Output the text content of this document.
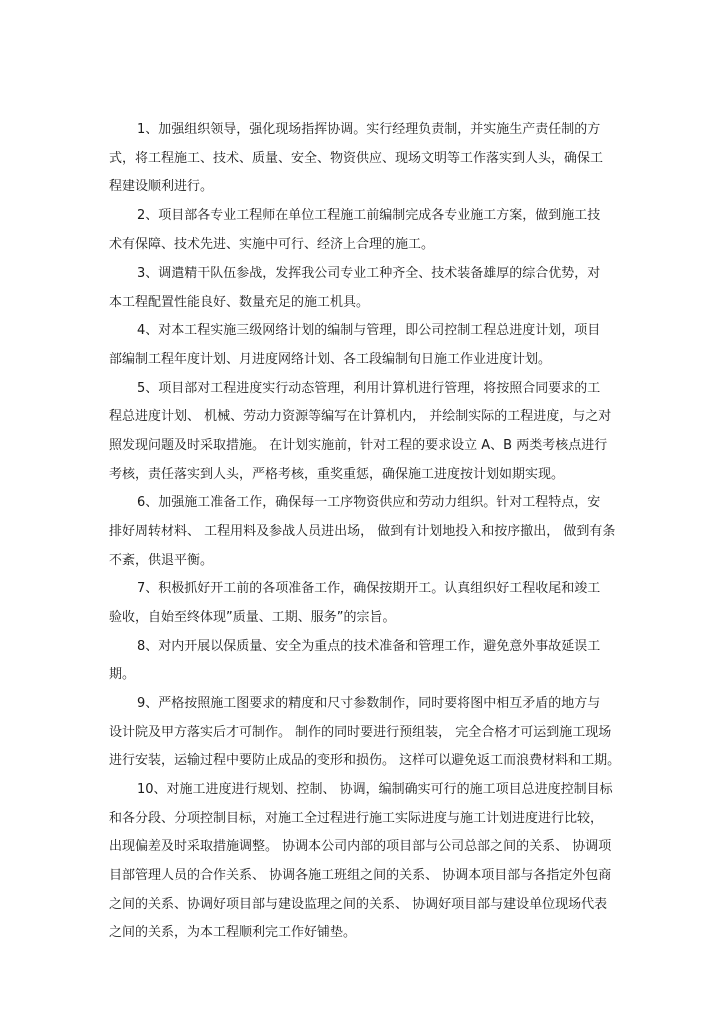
1、加强组织领导，强化现场指挥协调。实行经理负责制，并实施生产责任制的方

式，将工程施工、技术、质量、安全、物资供应、现场文明等工作落实到人头，确保工

程建设顺利进行。

2、项目部各专业工程师在单位工程施工前编制完成各专业施工方案，做到施工技

术有保障、技术先进、实施中可行、经济上合理的施工。

3、调遣精干队伍参战，发挥我公司专业工种齐全、技术装备雄厚的综合优势，对

本工程配置性能良好、数量充足的施工机具。

4、对本工程实施三级网络计划的编制与管理，即公司控制工程总进度计划，项目

部编制工程年度计划、月进度网络计划、各工段编制旬日施工作业进度计划。

5、项目部对工程进度实行动态管理，利用计算机进行管理，将按照合同要求的工

程总进度计划、 机械、劳动力资源等编写在计算机内， 并绘制实际的工程进度，与之对

照发现问题及时采取措施。 在计划实施前，针对工程的要求设立 A、B 两类考核点进行

考核，责任落实到人头，严格考核，重奖重惩，确保施工进度按计划如期实现。

6、加强施工准备工作，确保每一工序物资供应和劳动力组织。针对工程特点，安

排好周转材料、 工程用料及参战人员进出场， 做到有计划地投入和按序撤出， 做到有条

不紊，供退平衡。

7、积极抓好开工前的各项准备工作，确保按期开工。认真组织好工程收尾和竣工

验收，自始至终体现”质量、工期、服务”的宗旨。

8、对内开展以保质量、安全为重点的技术准备和管理工作，避免意外事故延误工

期。

9、严格按照施工图要求的精度和尺寸参数制作，同时要将图中相互矛盾的地方与

设计院及甲方落实后才可制作。 制作的同时要进行预组装， 完全合格才可运到施工现场

进行安装，运输过程中要防止成品的变形和损伤。 这样可以避免返工而浪费材料和工期。

10、对施工进度进行规划、控制、 协调，编制确实可行的施工项目总进度控制目标

和各分段、分项控制目标，对施工全过程进行施工实际进度与施工计划进度进行比较，

出现偏差及时采取措施调整。 协调本公司内部的项目部与公司总部之间的关系、 协调项

目部管理人员的合作关系、 协调各施工班组之间的关系、 协调本项目部与各指定外包商

之间的关系、协调好项目部与建设监理之间的关系、 协调好项目部与建设单位现场代表

之间的关系，为本工程顺利完工作好铺垫。
